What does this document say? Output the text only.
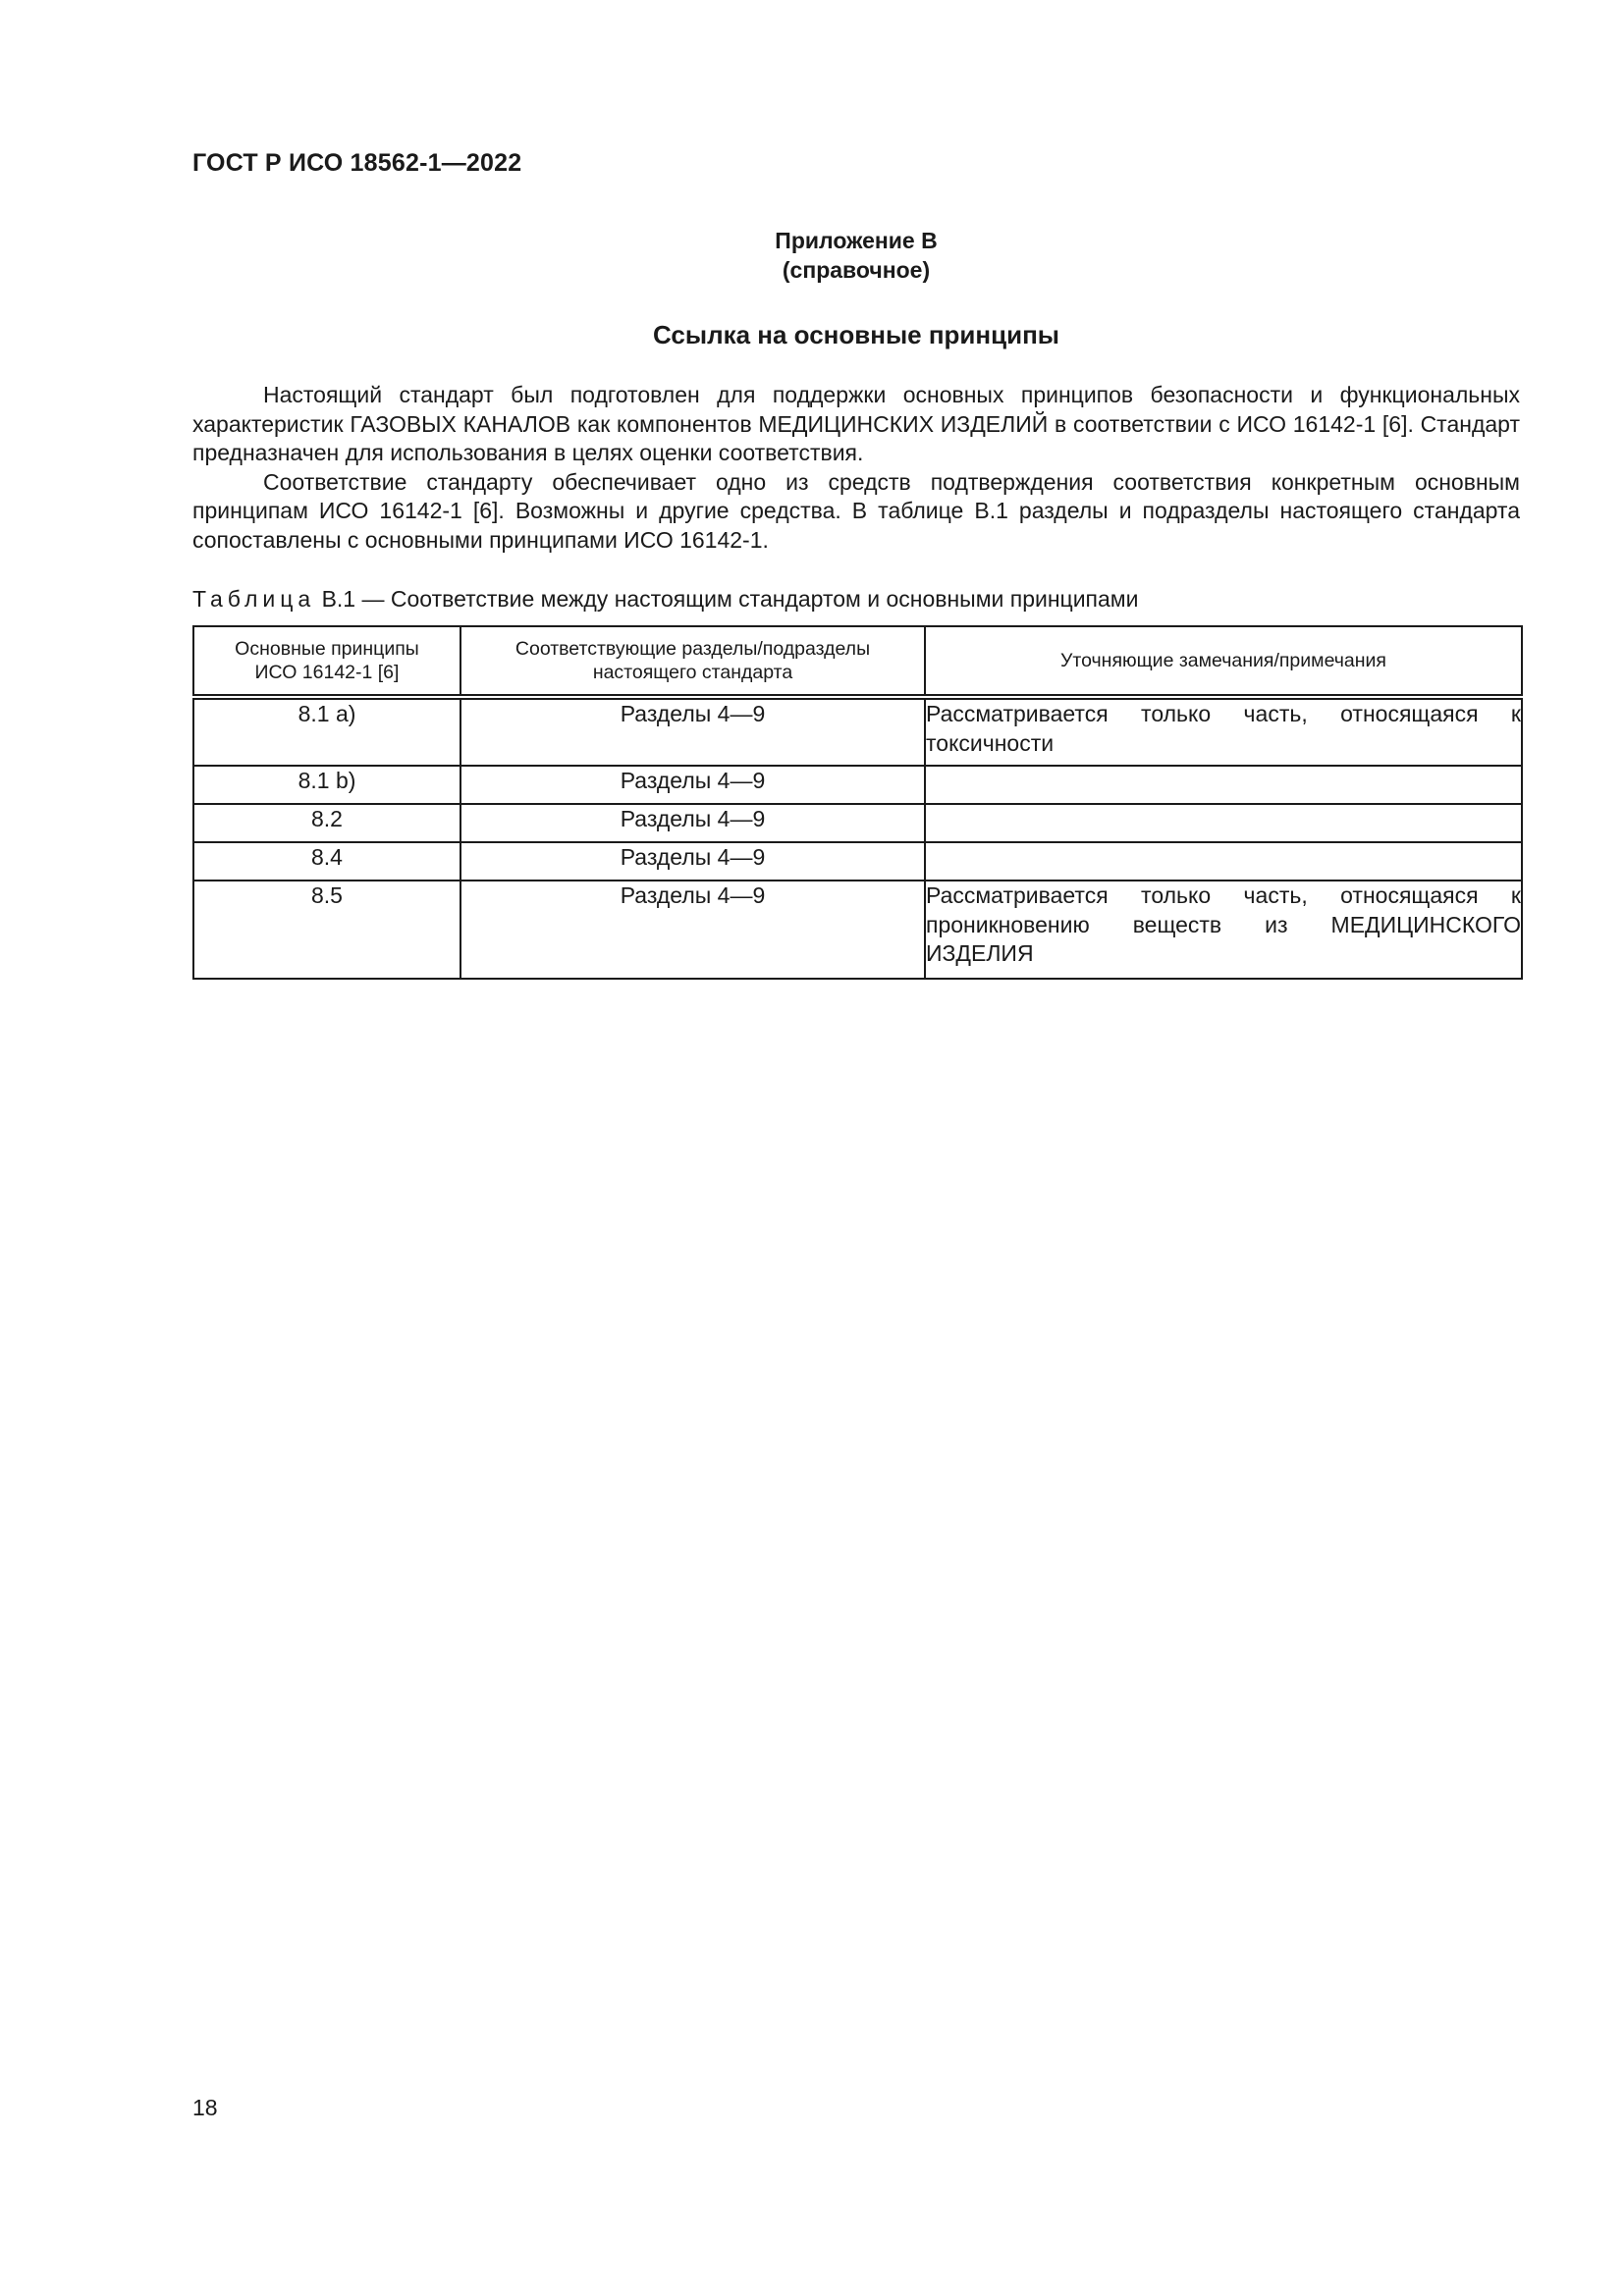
ГОСТ Р ИСО 18562-1—2022
Приложение В
(справочное)
Ссылка на основные принципы

Настоящий стандарт был подготовлен для поддержки основных принципов безопасности и функциональных характеристик ГАЗОВЫХ КАНАЛОВ как компонентов МЕДИЦИНСКИХ ИЗДЕЛИЙ в соответствии с ИСО 16142-1 [6]. Стандарт предназначен для использования в целях оценки соответствия.

Соответствие стандарту обеспечивает одно из средств подтверждения соответствия конкретным основным принципам ИСО 16142-1 [6]. Возможны и другие средства. В таблице В.1 разделы и подразделы настоящего стандарта сопоставлены с основными принципами ИСО 16142-1.

Таблица В.1 — Соответствие между настоящим стандартом и основными принципами
Основные принципы ИСО 16142-1 [6]	Соответствующие разделы/подразделы настоящего стандарта	Уточняющие замечания/примечания
8.1 a)	Разделы 4—9	Рассматривается только часть, относящаяся к токсичности
8.1 b)	Разделы 4—9	
8.2	Разделы 4—9	
8.4	Разделы 4—9	
8.5	Разделы 4—9	Рассматривается только часть, относящаяся к проникновению веществ из МЕДИЦИНСКОГО ИЗДЕЛИЯ
18
